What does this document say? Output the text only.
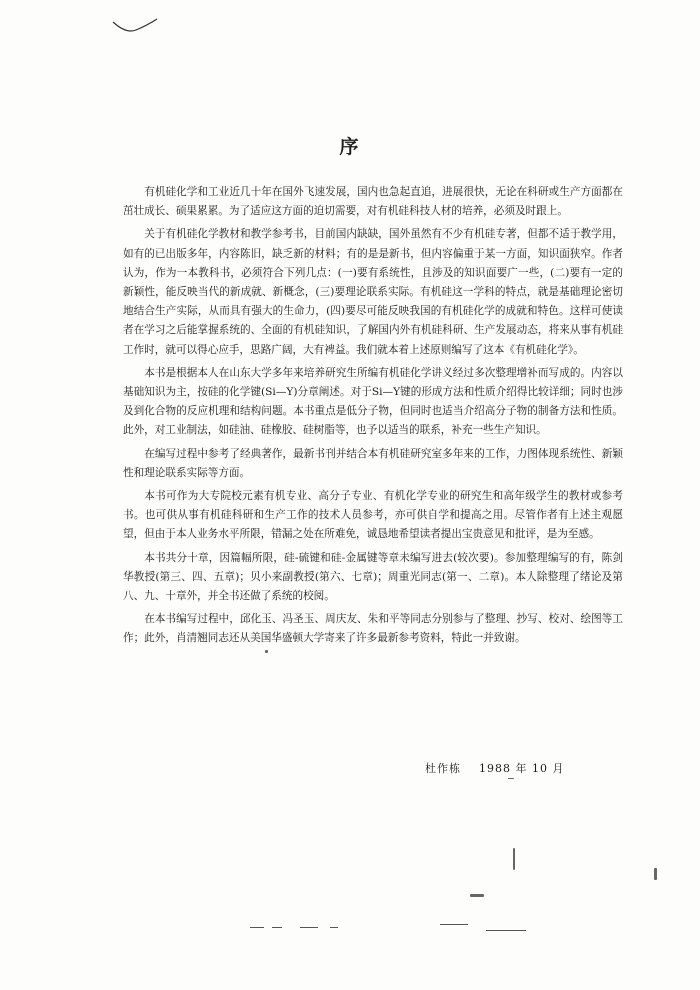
序

有机硅化学和工业近几十年在国外飞速发展，国内也急起直追，进展很快，无论在科研或生产方面都在茁壮成长、硕果累累。为了适应这方面的迫切需要，对有机硅科技人材的培养，必须及时跟上。

关于有机硅化学教材和教学参考书，目前国内缺缺，国外虽然有不少有机硅专著，但都不适于教学用，如有的已出版多年，内容陈旧，缺乏新的材料；有的是是新书，但内容偏重于某一方面，知识面狭窄。作者认为，作为一本教科书，必须符合下列几点：(一)要有系统性，且涉及的知识面要广一些，(二)要有一定的新颖性，能反映当代的新成就、新概念，(三)要理论联系实际。有机硅这一学科的特点，就是基础理论密切地结合生产实际，从而具有强大的生命力，(四)要尽可能反映我国的有机硅化学的成就和特色。这样可使读者在学习之后能掌握系统的、全面的有机硅知识，了解国内外有机硅科研、生产发展动态，将来从事有机硅工作时，就可以得心应手，思路广阔，大有裨益。我们就本着上述原则编写了这本《有机硅化学》。

本书是根据本人在山东大学多年来培养研究生所编有机硅化学讲义经过多次整理增补而写成的。内容以基础知识为主，按硅的化学键(Si—Y)分章阐述。对于Si—Y键的形成方法和性质介绍得比较详细；同时也涉及到化合物的反应机理和结构问题。本书重点是低分子物，但同时也适当介绍高分子物的制备方法和性质。此外，对工业制法，如硅油、硅橡胶、硅树脂等，也予以适当的联系，补充一些生产知识。

在编写过程中参考了经典著作，最新书刊并结合本有机硅研究室多年来的工作，力图体现系统性、新颖性和理论联系实际等方面。

本书可作为大专院校元素有机专业、高分子专业、有机化学专业的研究生和高年级学生的教材或参考书。也可供从事有机硅科研和生产工作的技术人员参考，亦可供自学和提高之用。尽管作者有上述主观愿望，但由于本人业务水平所限，错漏之处在所难免，诚恳地希望读者提出宝贵意见和批评，是为至感。

本书共分十章，因篇幅所限，硅-硫键和硅-金属键等章未编写进去(较次要)。参加整理编写的有，陈剑华教授(第三、四、五章)；贝小来副教授(第六、七章)；周重光同志(第一、二章)。本人除整理了绪论及第八、九、十章外，并全书还做了系统的校阅。

在本书编写过程中，邱化玉、冯圣玉、周庆友、朱和平等同志分别参与了整理、抄写、校对、绘图等工作；此外，肖清翘同志还从美国华盛顿大学寄来了许多最新参考资料，特此一并致谢。

杜作栋 1988 年 10 月
